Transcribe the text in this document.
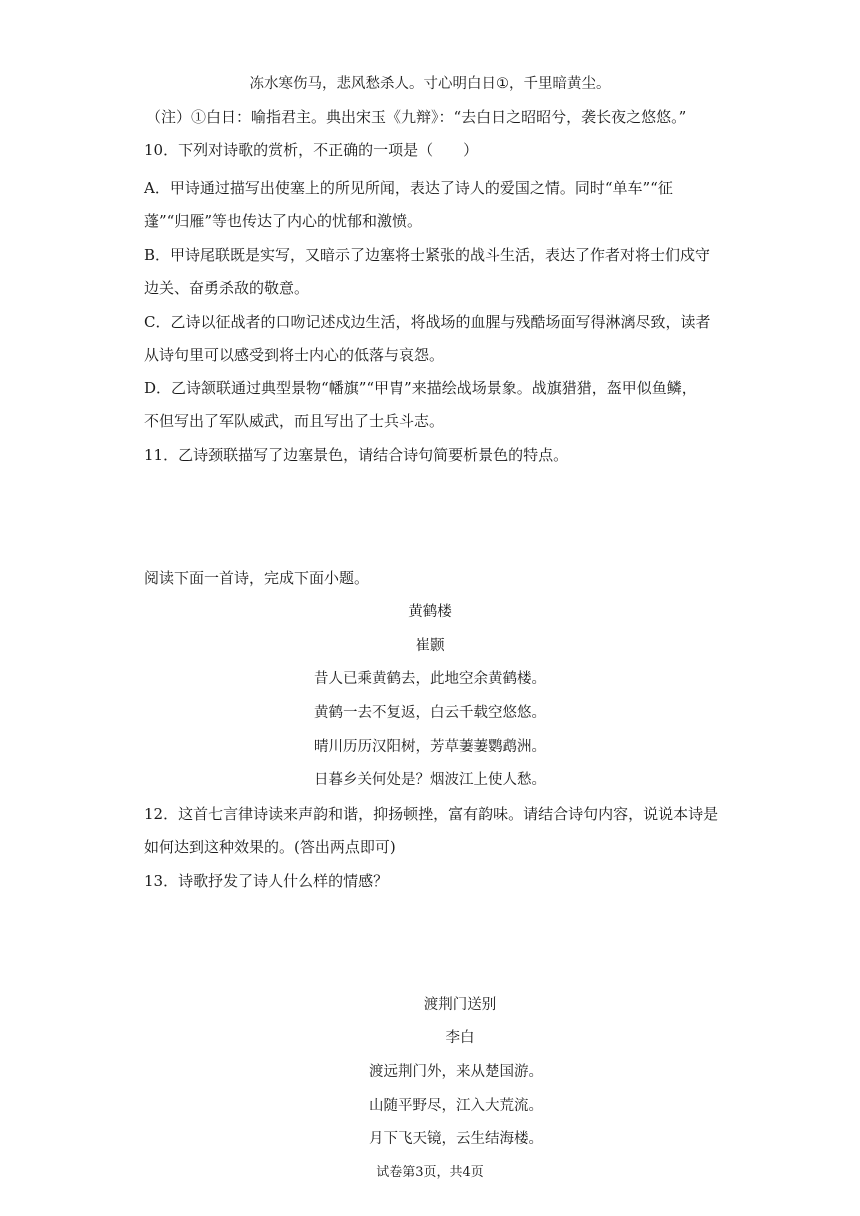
冻水寒伤马，悲风愁杀人。寸心明白日①，千里暗黄尘。
（注）①白日：喻指君主。典出宋玉《九辩》：“去白日之昭昭兮，袭长夜之悠悠。”
10．下列对诗歌的赏析，不正确的一项是（　　）
A．甲诗通过描写出使塞上的所见所闻，表达了诗人的爱国之情。同时“单车”“征
蓬”“归雁”等也传达了内心的忧郁和激愤。
B．甲诗尾联既是实写，又暗示了边塞将士紧张的战斗生活，表达了作者对将士们戍守
边关、奋勇杀敌的敬意。
C．乙诗以征战者的口吻记述戍边生活，将战场的血腥与残酷场面写得淋漓尽致，读者
从诗句里可以感受到将士内心的低落与哀怨。
D．乙诗颔联通过典型景物“幡旗”“甲胄”来描绘战场景象。战旗猎猎，盔甲似鱼鳞，
不但写出了军队威武，而且写出了士兵斗志。
11．乙诗颈联描写了边塞景色，请结合诗句简要析景色的特点。
阅读下面一首诗，完成下面小题。
黄鹤楼
崔颢
昔人已乘黄鹤去，此地空余黄鹤楼。
黄鹤一去不复返，白云千载空悠悠。
晴川历历汉阳树，芳草萋萋鹦鹉洲。
日暮乡关何处是？烟波江上使人愁。
12．这首七言律诗读来声韵和谐，抑扬顿挫，富有韵味。请结合诗句内容，说说本诗是
如何达到这种效果的。(答出两点即可)
13．诗歌抒发了诗人什么样的情感？
渡荆门送别
李白
渡远荆门外，来从楚国游。
山随平野尽，江入大荒流。
月下飞天镜，云生结海楼。
试卷第3页，共4页
